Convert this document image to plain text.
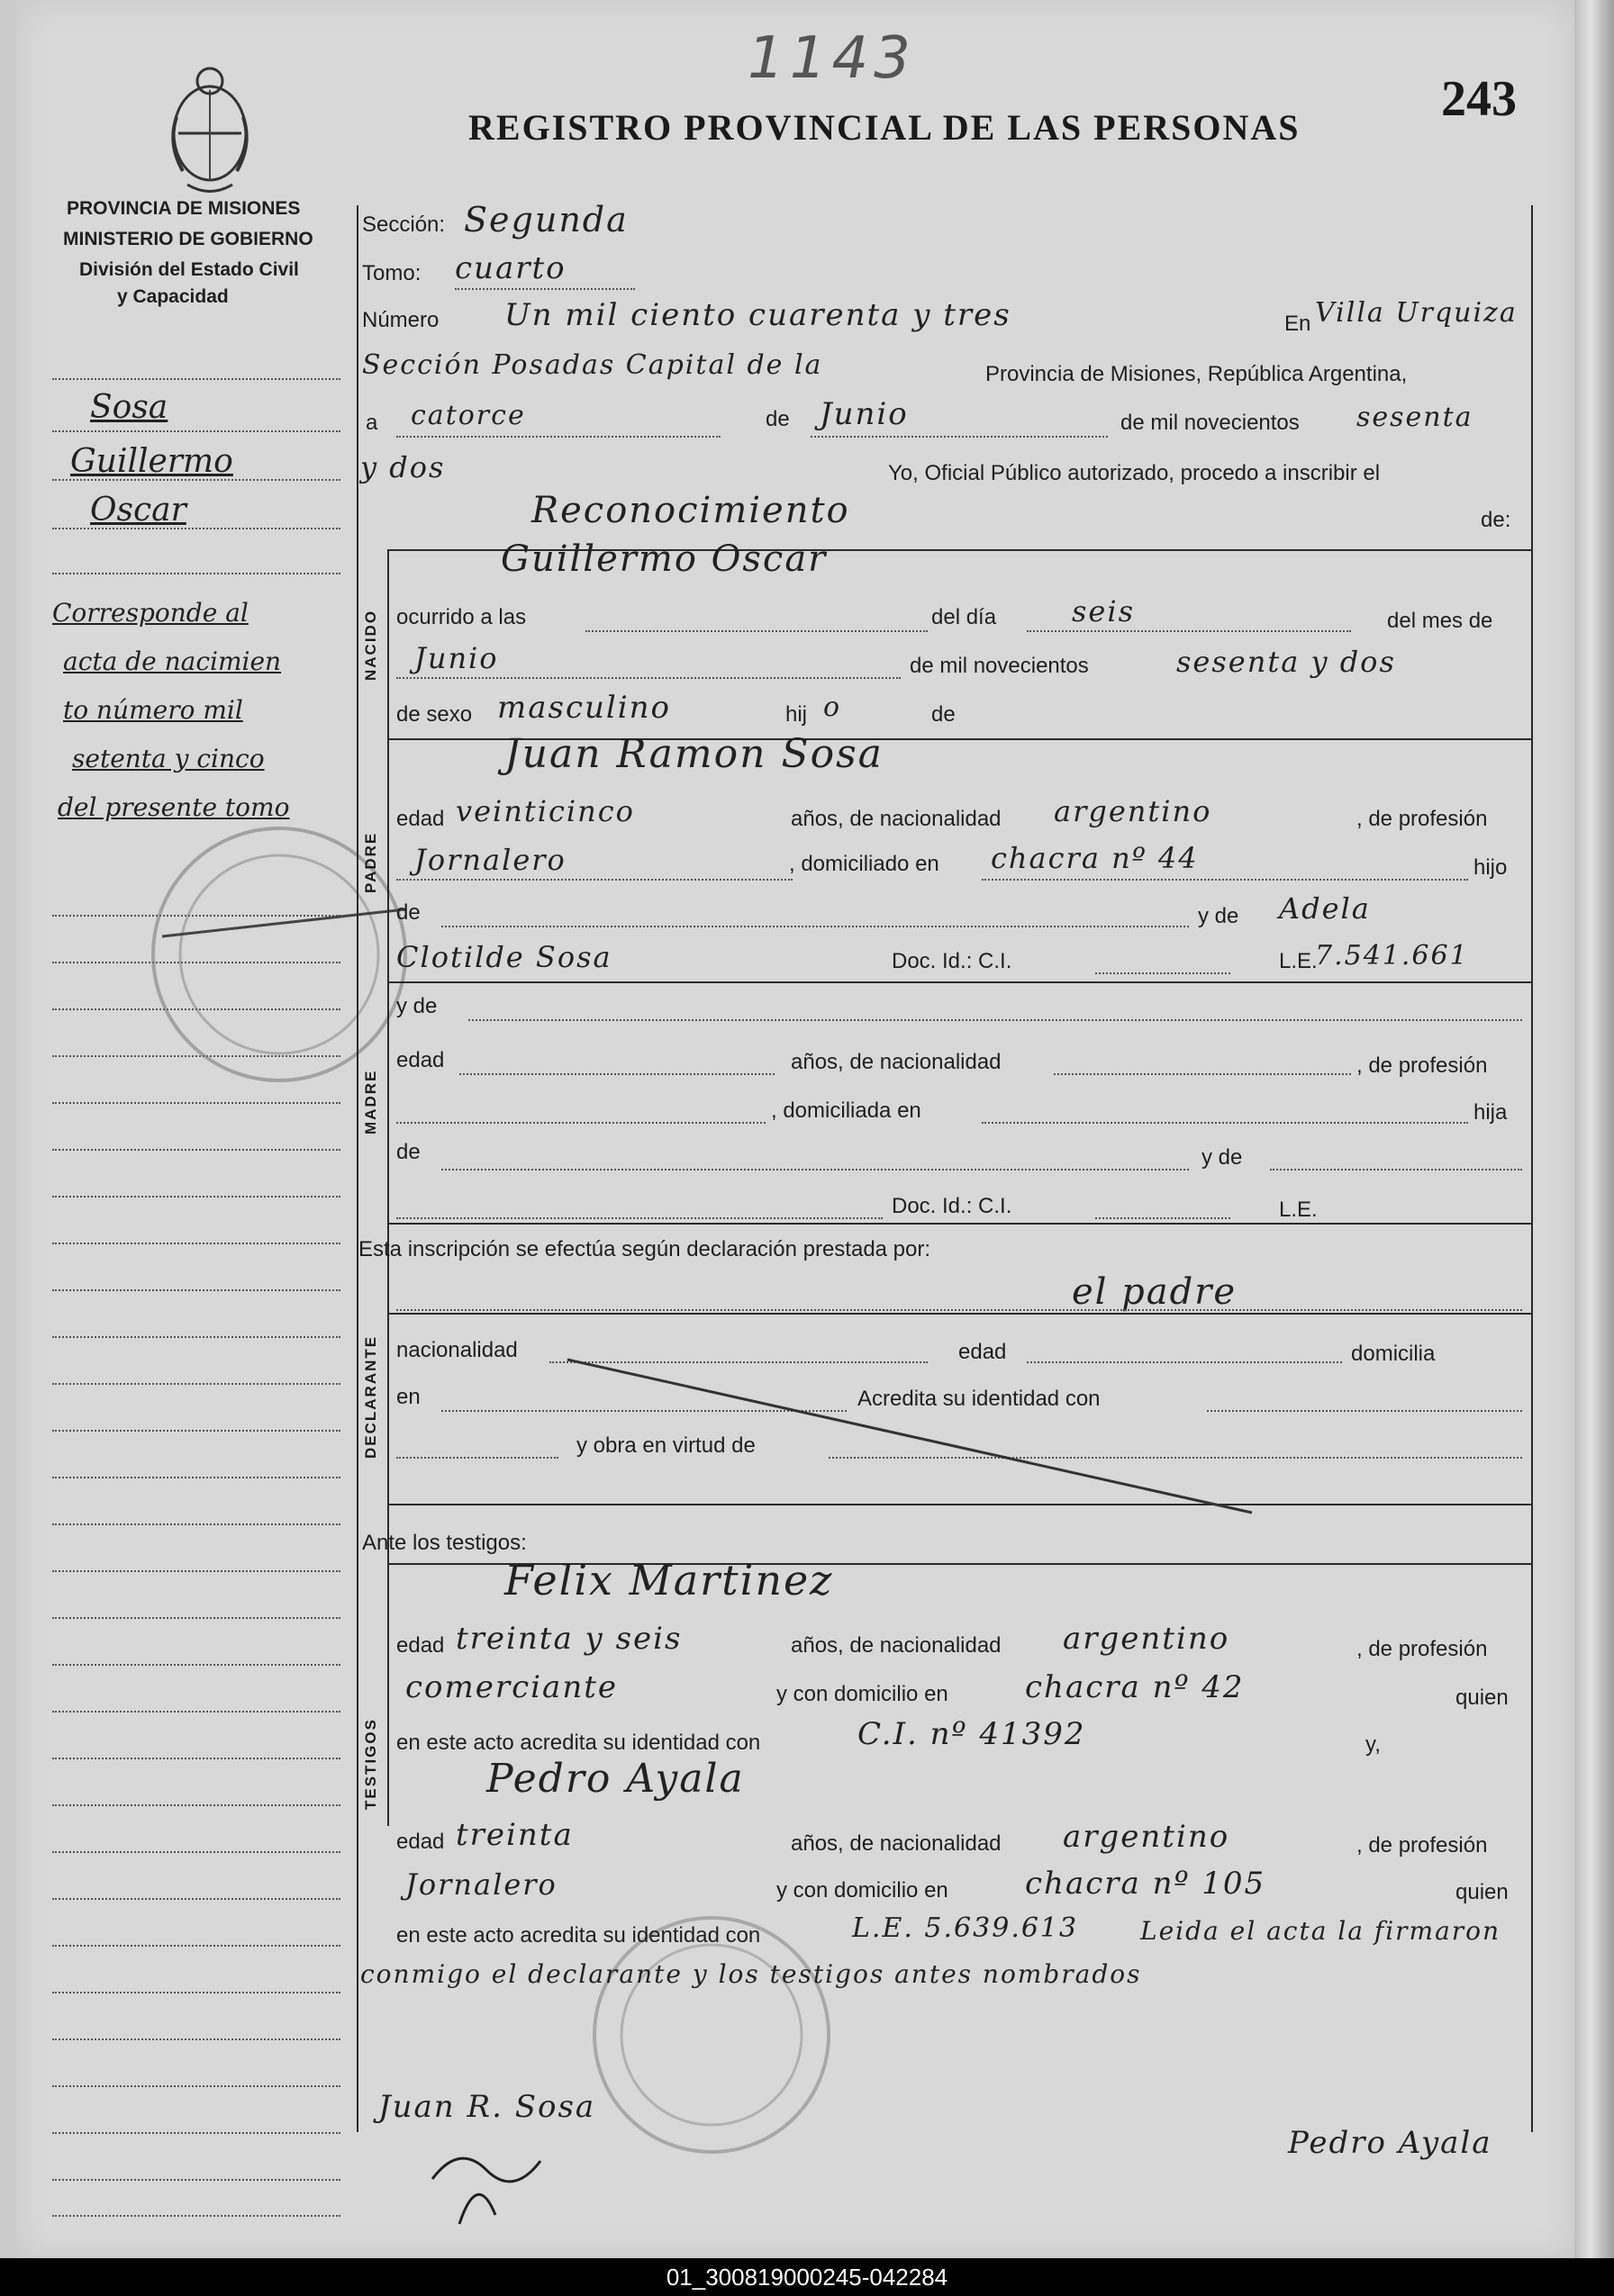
1143
243
REGISTRO PROVINCIAL DE LAS PERSONAS
PROVINCIA DE MISIONES
MINISTERIO DE GOBIERNO
División del Estado Civil
y Capacidad
Sosa
Guillermo
Oscar
Corresponde al
acta de nacimien
to número mil
setenta y cinco
del presente tomo
NACIDO
PADRE
MADRE
DECLARANTE
TESTIGOS
Sección: Segunda
Tomo: cuarto
Número Un mil ciento cuarenta y tres	En Villa Urquiza
Sección Posadas Capital de la	Provincia de Misiones, República Argentina,
a catorce	de Junio	de mil novecientos sesenta
y dos	Yo, Oficial Público autorizado, procedo a inscribir el
Reconocimiento	de:
Guillermo Oscar
ocurrido a las	del día	seis	del mes de
Junio	de mil novecientos	sesenta y dos
de sexo masculino	hij o	de
Juan Ramon Sosa
edad veinticinco	años, de nacionalidad argentino	, de profesión
Jornalero	, domiciliado en chacra nº 44	hijo
de	y de Adela
Clotilde Sosa	Doc. Id.: C.I.	L.E.
7.541.661
y de
edad	años, de nacionalidad	, de profesión
, domiciliada en	hija
de	y de
Doc. Id.: C.I.	L.E.
Esta inscripción se efectúa según declaración prestada por:
el padre
nacionalidad	edad	domicilia
en	Acredita su identidad con
y obra en virtud de
Ante los testigos:
Felix Martinez
edad treinta y seis	años, de nacionalidad argentino	, de profesión
comerciante	y con domicilio en	chacra nº 42	quien
en este acto acredita su identidad con	C.I. nº 41392	y,
Pedro Ayala
edad treinta	años, de nacionalidad argentino	, de profesión
Jornalero	y con domicilio en	chacra nº 105	quien
en este acto acredita su identidad con	L.E. 5.639.613 Leida el acta la firmaron
conmigo el declarante y los testigos antes nombrados
Juan R. Sosa
Pedro Ayala
01_300819000245-042284
